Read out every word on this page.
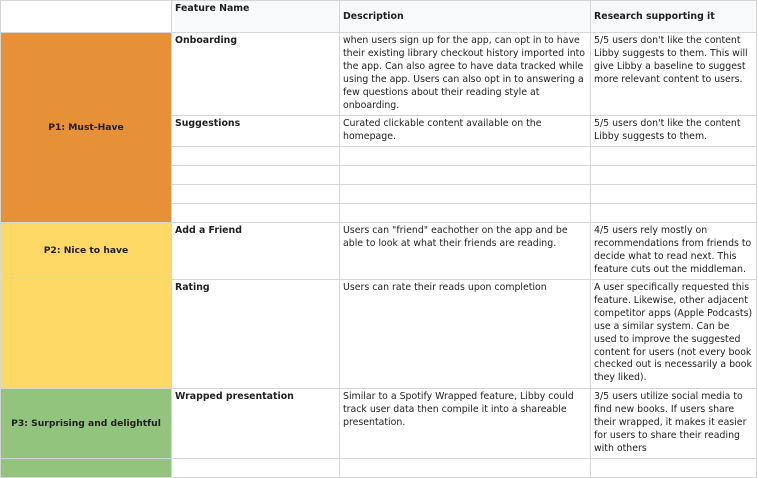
	Feature Name	Description	Research supporting it
P1: Must-Have	Onboarding	when users sign up for the app, can opt in to have their existing library checkout history imported into the app. Can also agree to have data tracked while using the app. Users can also opt in to answering a few questions about their reading style at onboarding.	5/5 users don't like the content Libby suggests to them. This will give Libby a baseline to suggest more relevant content to users.
	Suggestions	Curated clickable content available on the homepage.	5/5 users don't like the content Libby suggests to them.

P2: Nice to have	Add a Friend	Users can "friend" eachother on the app and be able to look at what their friends are reading.	4/5 users rely mostly on recommendations from friends to decide what to read next. This feature cuts out the middleman.
	Rating	Users can rate their reads upon completion	A user specifically requested this feature. Likewise, other adjacent competitor apps (Apple Podcasts) use a similar system. Can be used to improve the suggested content for users (not every book checked out is necessarily a book they liked).
P3: Surprising and delightful	Wrapped presentation	Similar to a Spotify Wrapped feature, Libby could track user data then compile it into a shareable presentation.	3/5 users utilize social media to find new books. If users share their wrapped, it makes it easier for users to share their reading with others
